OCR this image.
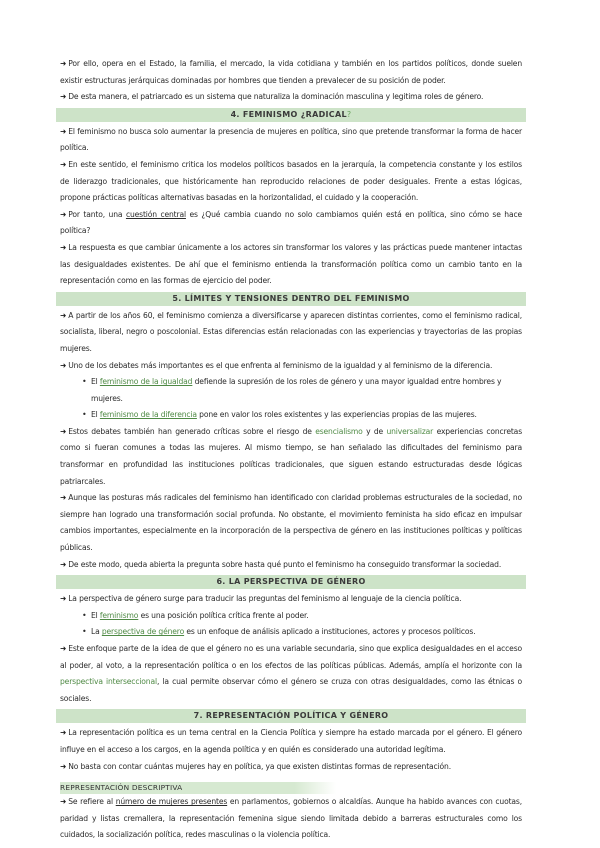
➜ Por ello, opera en el Estado, la familia, el mercado, la vida cotidiana y también en los partidos políticos, donde suelen existir estructuras jerárquicas dominadas por hombres que tienden a prevalecer de su posición de poder.

➜ De esta manera, el patriarcado es un sistema que naturaliza la dominación masculina y legitima roles de género.

4. FEMINISMO ¿RADICAL?

➜ El feminismo no busca solo aumentar la presencia de mujeres en política, sino que pretende transformar la forma de hacer política.

➜ En este sentido, el feminismo critica los modelos políticos basados en la jerarquía, la competencia constante y los estilos de liderazgo tradicionales, que históricamente han reproducido relaciones de poder desiguales. Frente a estas lógicas, propone prácticas políticas alternativas basadas en la horizontalidad, el cuidado y la cooperación.

➜ Por tanto, una cuestión central es ¿Qué cambia cuando no solo cambiamos quién está en política, sino cómo se hace política?

➜ La respuesta es que cambiar únicamente a los actores sin transformar los valores y las prácticas puede mantener intactas las desigualdades existentes. De ahí que el feminismo entienda la transformación política como un cambio tanto en la representación como en las formas de ejercicio del poder.

5. LÍMITES Y TENSIONES DENTRO DEL FEMINISMO

➜ A partir de los años 60, el feminismo comienza a diversificarse y aparecen distintas corrientes, como el feminismo radical, socialista, liberal, negro o poscolonial. Estas diferencias están relacionadas con las experiencias y trayectorias de las propias mujeres.

➜ Uno de los debates más importantes es el que enfrenta al feminismo de la igualdad y al feminismo de la diferencia.

• El feminismo de la igualdad defiende la supresión de los roles de género y una mayor igualdad entre hombres y mujeres.

• El feminismo de la diferencia pone en valor los roles existentes y las experiencias propias de las mujeres.

➜ Estos debates también han generado críticas sobre el riesgo de esencialismo y de universalizar experiencias concretas como si fueran comunes a todas las mujeres. Al mismo tiempo, se han señalado las dificultades del feminismo para transformar en profundidad las instituciones políticas tradicionales, que siguen estando estructuradas desde lógicas patriarcales.

➜ Aunque las posturas más radicales del feminismo han identificado con claridad problemas estructurales de la sociedad, no siempre han logrado una transformación social profunda. No obstante, el movimiento feminista ha sido eficaz en impulsar cambios importantes, especialmente en la incorporación de la perspectiva de género en las instituciones políticas y políticas públicas.

➜ De este modo, queda abierta la pregunta sobre hasta qué punto el feminismo ha conseguido transformar la sociedad.

6. LA PERSPECTIVA DE GÉNERO

➜ La perspectiva de género surge para traducir las preguntas del feminismo al lenguaje de la ciencia política.

• El feminismo es una posición política crítica frente al poder.

• La perspectiva de género es un enfoque de análisis aplicado a instituciones, actores y procesos políticos.

➜ Este enfoque parte de la idea de que el género no es una variable secundaria, sino que explica desigualdades en el acceso al poder, al voto, a la representación política o en los efectos de las políticas públicas. Además, amplía el horizonte con la perspectiva interseccional, la cual permite observar cómo el género se cruza con otras desigualdades, como las étnicas o sociales.

7. REPRESENTACIÓN POLÍTICA Y GÉNERO

➜ La representación política es un tema central en la Ciencia Política y siempre ha estado marcada por el género. El género influye en el acceso a los cargos, en la agenda política y en quién es considerado una autoridad legítima.

➜ No basta con contar cuántas mujeres hay en política, ya que existen distintas formas de representación.

REPRESENTACIÓN DESCRIPTIVA

➜ Se refiere al número de mujeres presentes en parlamentos, gobiernos o alcaldías. Aunque ha habido avances con cuotas, paridad y listas cremallera, la representación femenina sigue siendo limitada debido a barreras estructurales como los cuidados, la socialización política, redes masculinas o la violencia política.
